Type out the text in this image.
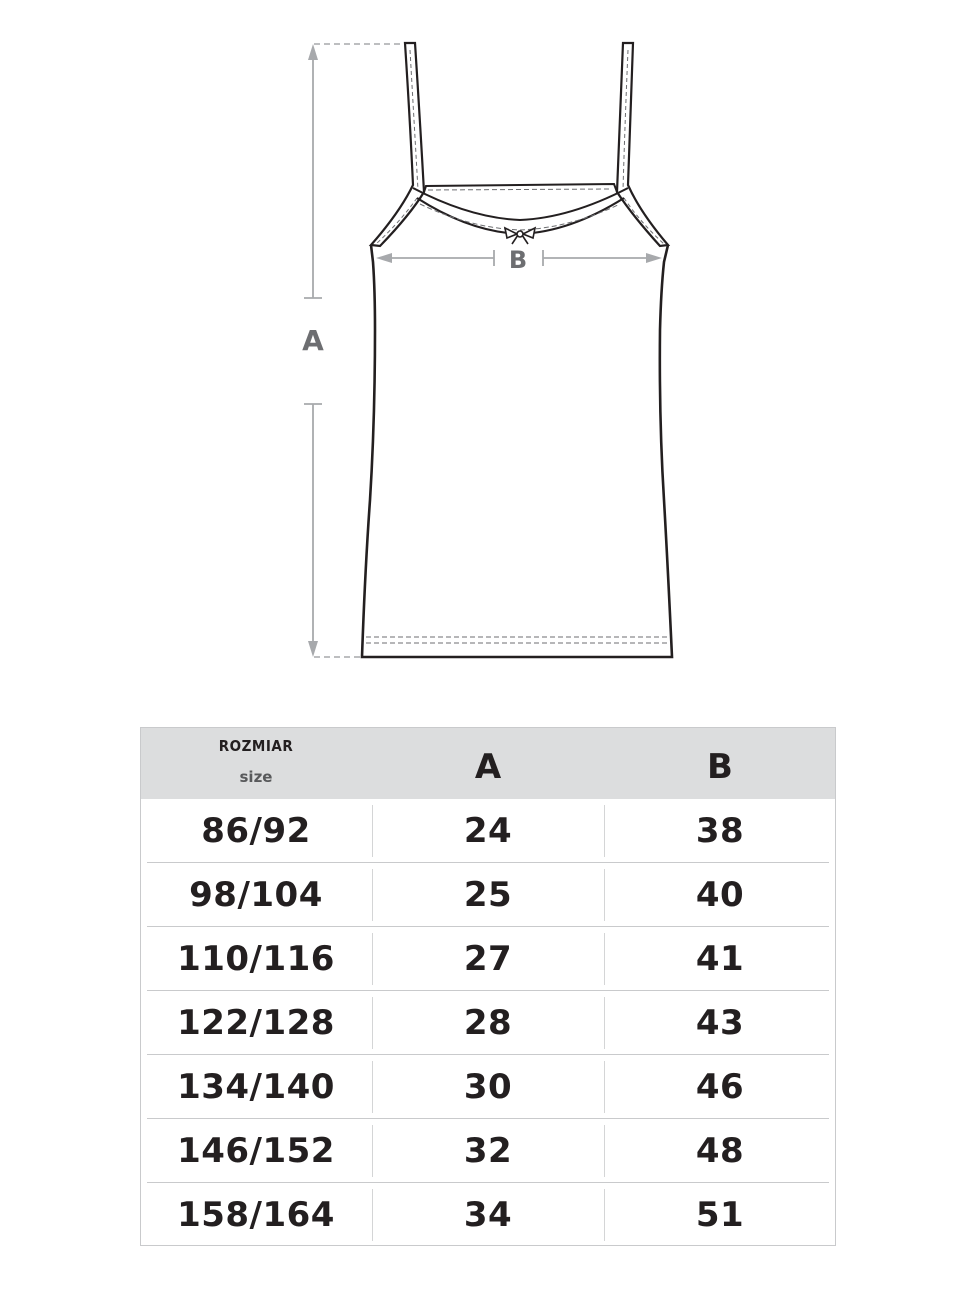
A
B
ROZMIAR
size	A	B
86/92	24	38
98/104	25	40
110/116	27	41
122/128	28	43
134/140	30	46
146/152	32	48
158/164	34	51
